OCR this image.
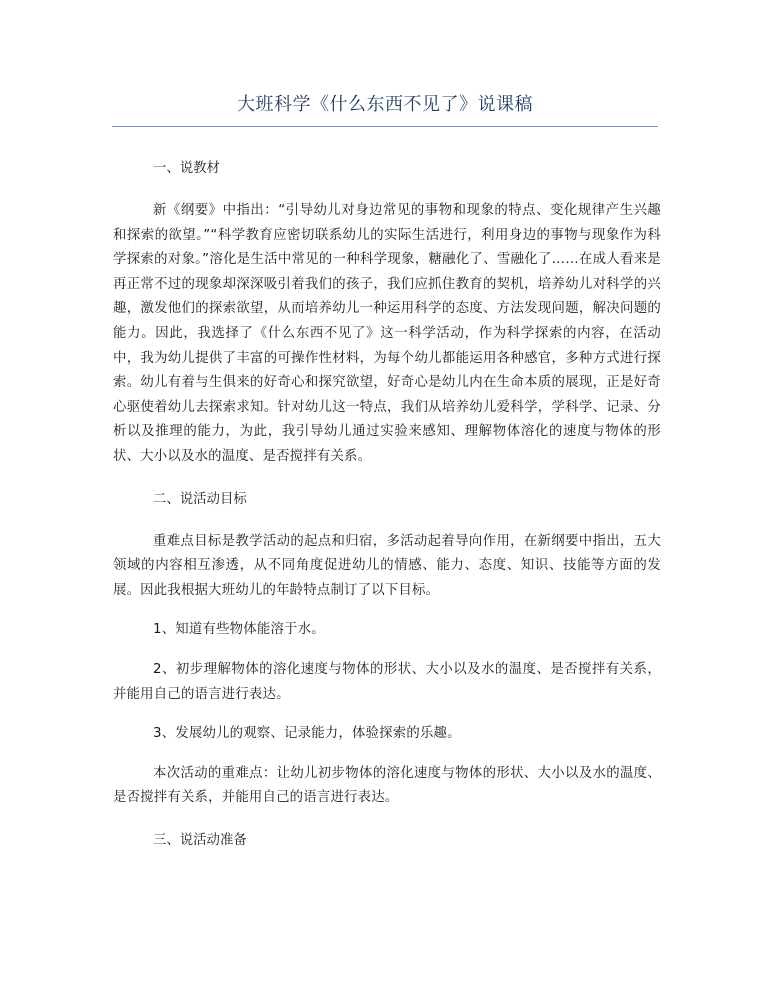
大班科学《什么东西不见了》说课稿

一、说教材

新《纲要》中指出：“引导幼儿对身边常见的事物和现象的特点、变化规律产生兴趣和探索的欲望。”“科学教育应密切联系幼儿的实际生活进行，利用身边的事物与现象作为科学探索的对象。”溶化是生活中常见的一种科学现象，糖融化了、雪融化了……在成人看来是再正常不过的现象却深深吸引着我们的孩子，我们应抓住教育的契机，培养幼儿对科学的兴趣，激发他们的探索欲望，从而培养幼儿一种运用科学的态度、方法发现问题，解决问题的能力。因此，我选择了《什么东西不见了》这一科学活动，作为科学探索的内容，在活动中，我为幼儿提供了丰富的可操作性材料，为每个幼儿都能运用各种感官，多种方式进行探索。幼儿有着与生俱来的好奇心和探究欲望，好奇心是幼儿内在生命本质的展现，正是好奇心驱使着幼儿去探索求知。针对幼儿这一特点，我们从培养幼儿爱科学，学科学、记录、分析以及推理的能力，为此，我引导幼儿通过实验来感知、理解物体溶化的速度与物体的形状、大小以及水的温度、是否搅拌有关系。

二、说活动目标

重难点目标是教学活动的起点和归宿，多活动起着导向作用，在新纲要中指出，五大领域的内容相互渗透，从不同角度促进幼儿的情感、能力、态度、知识、技能等方面的发展。因此我根据大班幼儿的年龄特点制订了以下目标。

1、知道有些物体能溶于水。

2、初步理解物体的溶化速度与物体的形状、大小以及水的温度、是否搅拌有关系，并能用自己的语言进行表达。

3、发展幼儿的观察、记录能力，体验探索的乐趣。

本次活动的重难点：让幼儿初步物体的溶化速度与物体的形状、大小以及水的温度、是否搅拌有关系，并能用自己的语言进行表达。

三、说活动准备
